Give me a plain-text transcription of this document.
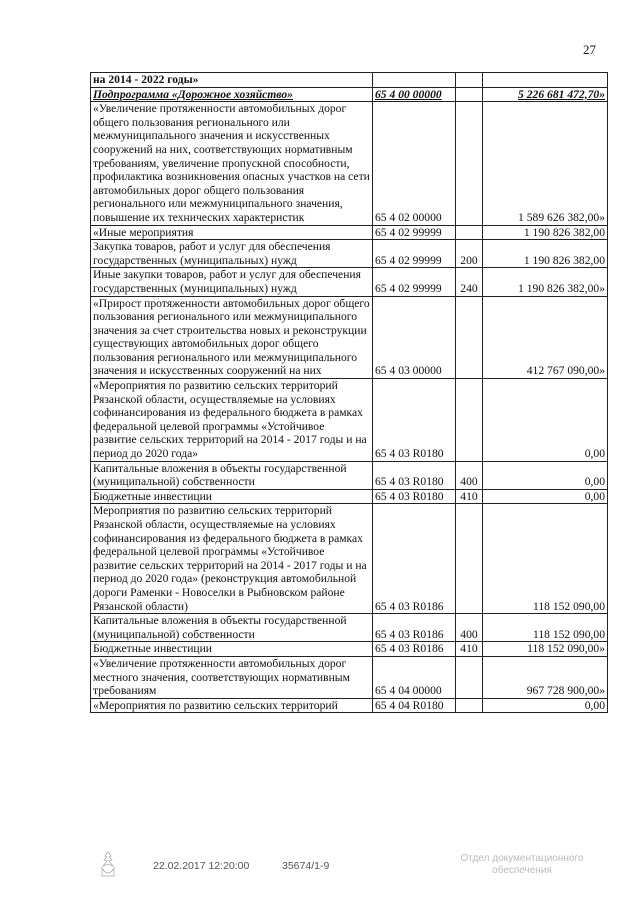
27
на 2014 - 2022 годы»			
Подпрограмма «Дорожное хозяйство»	65 4 00 00000		5 226 681 472,70»
«Увеличение протяженности автомобильных дорог общего пользования регионального или межмуниципального значения и искусственных сооружений на них, соответствующих нормативным требованиям, увеличение пропускной способности, профилактика возникновения опасных участков на сети автомобильных дорог общего пользования регионального или межмуниципального значения, повышение их технических характеристик	65 4 02 00000		1 589 626 382,00»
«Иные мероприятия	65 4 02 99999		1 190 826 382,00
Закупка товаров, работ и услуг для обеспечения государственных (муниципальных) нужд	65 4 02 99999	200	1 190 826 382,00
Иные закупки товаров, работ и услуг для обеспечения государственных (муниципальных) нужд	65 4 02 99999	240	1 190 826 382,00»
«Прирост протяженности автомобильных дорог общего пользования регионального или межмуниципального значения за счет строительства новых и реконструкции существующих автомобильных дорог общего пользования регионального или межмуниципального значения и искусственных сооружений на них	65 4 03 00000		412 767 090,00»
«Мероприятия по развитию сельских территорий Рязанской области, осуществляемые на условиях софинансирования из федерального бюджета в рамках федеральной целевой программы «Устойчивое развитие сельских территорий на 2014 - 2017 годы и на период до 2020 года»	65 4 03 R0180		0,00
Капитальные вложения в объекты государственной (муниципальной) собственности	65 4 03 R0180	400	0,00
Бюджетные инвестиции	65 4 03 R0180	410	0,00
Мероприятия по развитию сельских территорий Рязанской области, осуществляемые на условиях софинансирования из федерального бюджета в рамках федеральной целевой программы «Устойчивое развитие сельских территорий на 2014 - 2017 годы и на период до 2020 года» (реконструкция автомобильной дороги Раменки - Новоселки в Рыбновском районе Рязанской области)	65 4 03 R0186		118 152 090,00
Капитальные вложения в объекты государственной (муниципальной) собственности	65 4 03 R0186	400	118 152 090,00
Бюджетные инвестиции	65 4 03 R0186	410	118 152 090,00»
«Увеличение протяженности автомобильных дорог местного значения, соответствующих нормативным требованиям	65 4 04 00000		967 728 900,00»
«Мероприятия по развитию сельских территорий	65 4 04 R0180		0,00
22.02.2017 12:20:00	35674/1-9
Отдел документационного обеспечения
